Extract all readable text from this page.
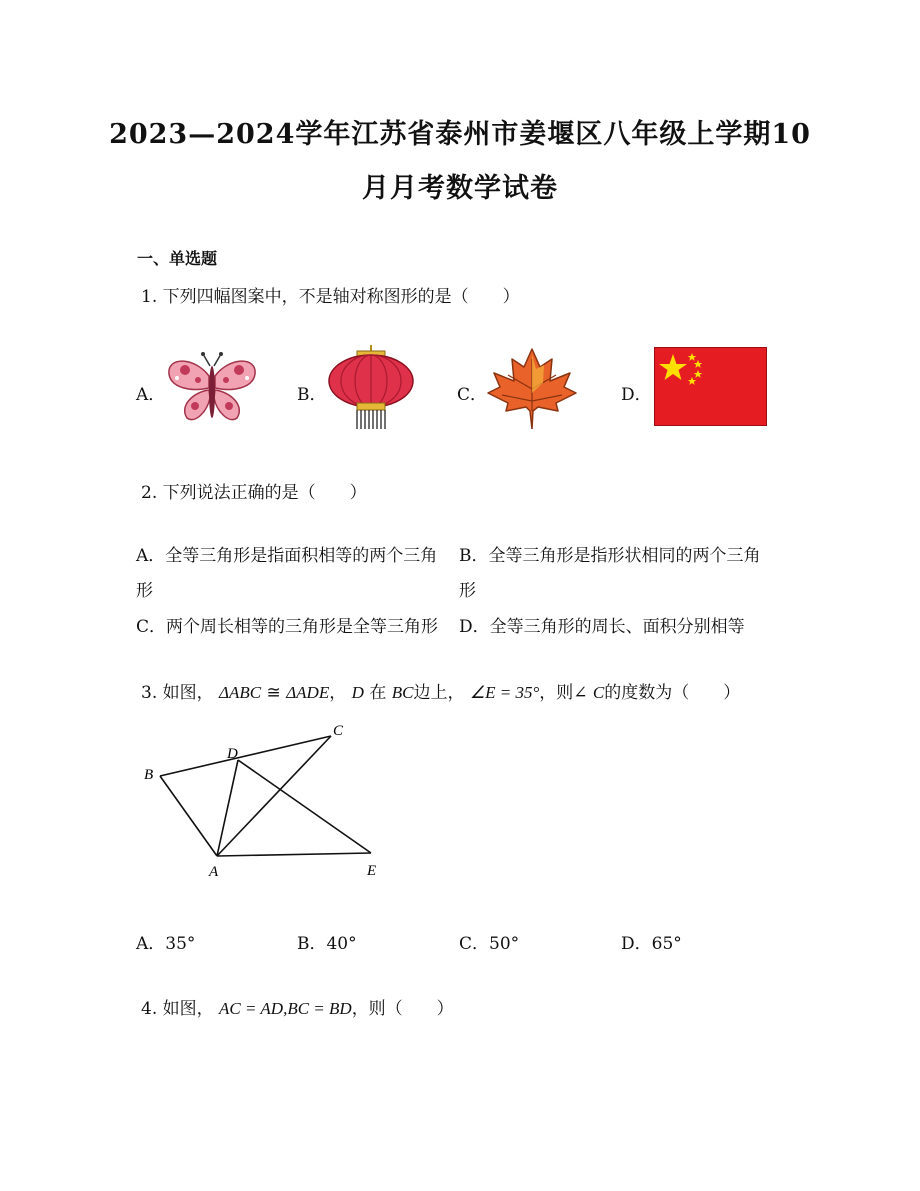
2023—2024学年江苏省泰州市姜堰区八年级上学期10
月月考数学试卷
一、单选题
1. 下列四幅图案中，不是轴对称图形的是（　　）
A．	B．	C．	D．
2. 下列说法正确的是（　　）
A．全等三角形是指面积相等的两个三角
形
B．全等三角形是指形状相同的两个三角
形
C．两个周长相等的三角形是全等三角形 D．全等三角形的周长、面积分别相等
3. 如图， ΔABC ≅ ΔADE， D 在 BC边上， ∠E = 35°，则∠ C的度数为（　　）
B
D
C
A	E
A．35°	B．40°	C．50°	D．65°
4. 如图， AC = AD,BC = BD，则（　　）
